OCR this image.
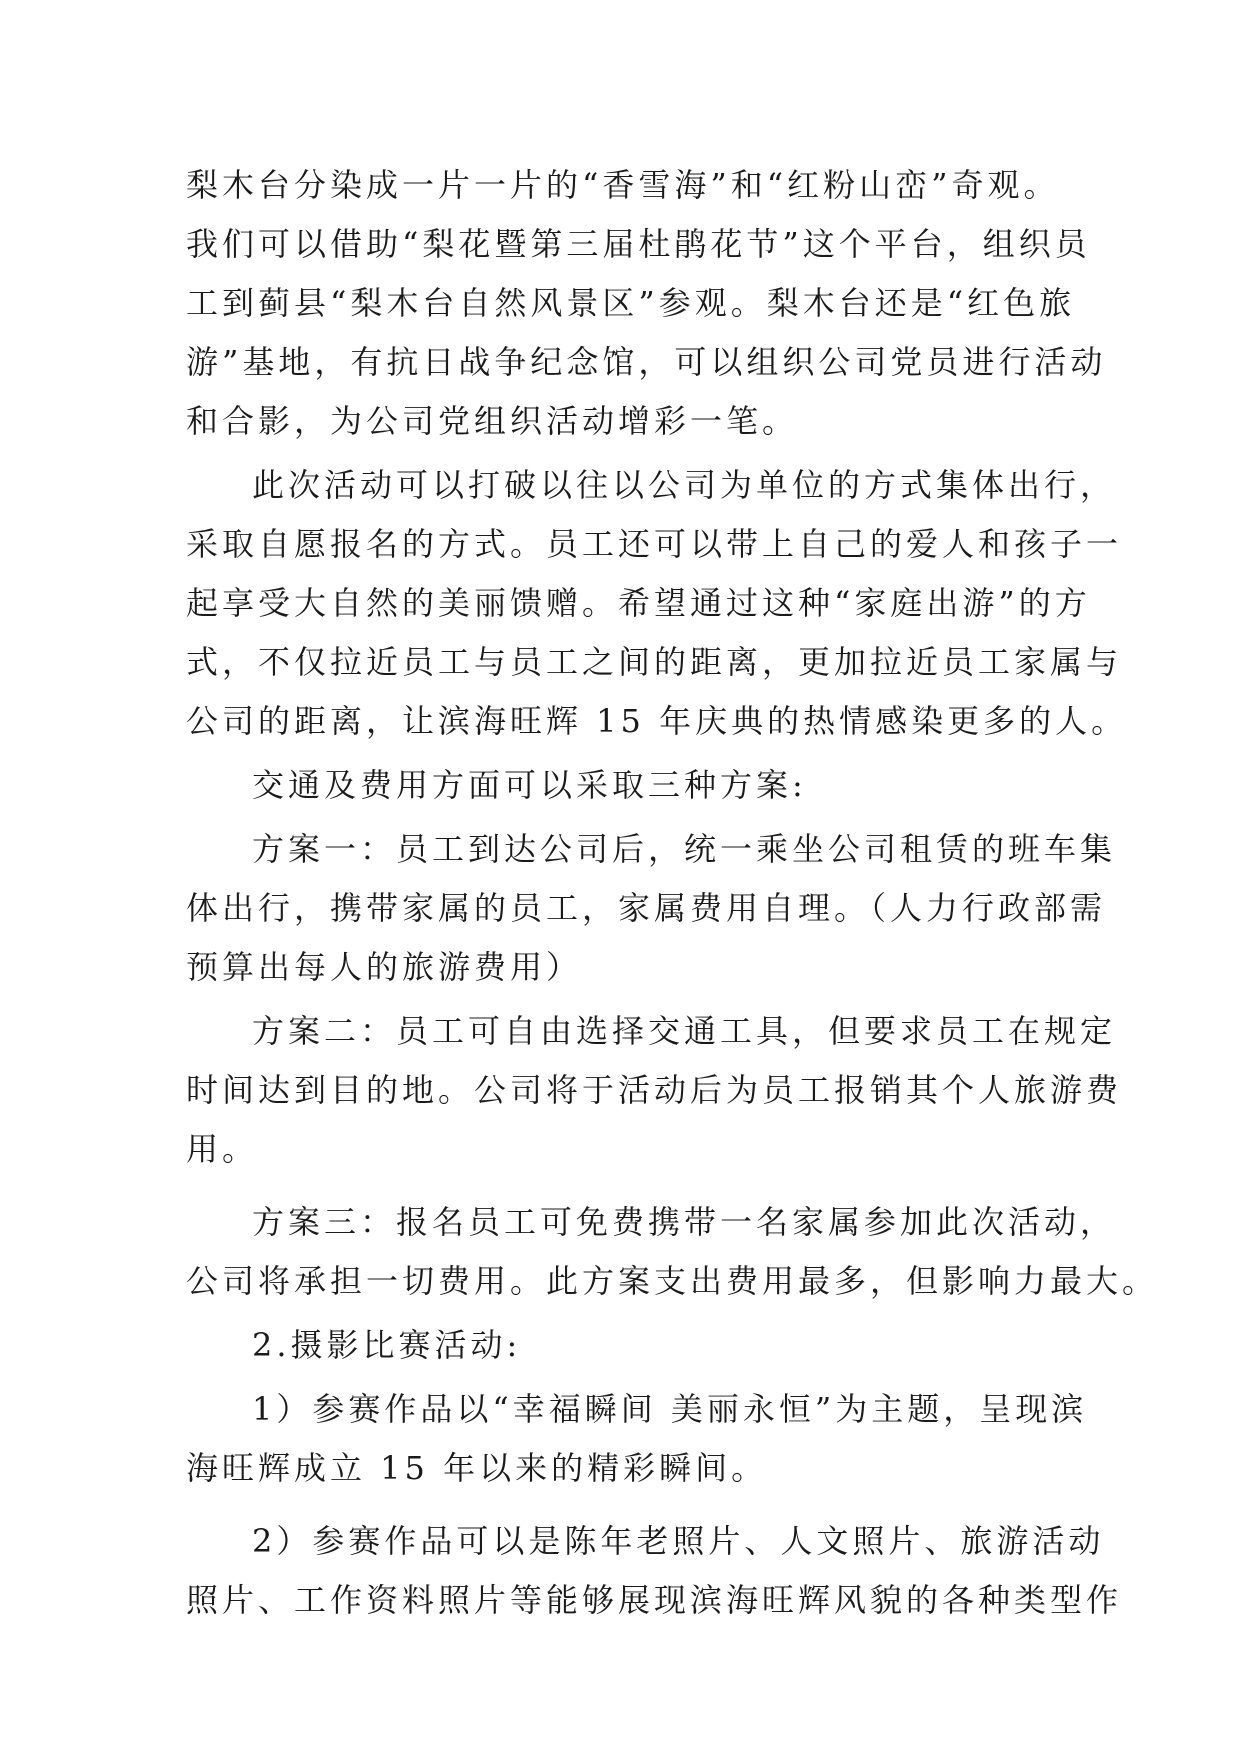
梨木台分染成一片一片的“香雪海”和“红粉山峦”奇观。
我们可以借助“梨花暨第三届杜鹃花节”这个平台，组织员
工到蓟县“梨木台自然风景区”参观。梨木台还是“红色旅
游”基地，有抗日战争纪念馆，可以组织公司党员进行活动
和合影，为公司党组织活动增彩一笔。
此次活动可以打破以往以公司为单位的方式集体出行，
采取自愿报名的方式。员工还可以带上自己的爱人和孩子一
起享受大自然的美丽馈赠。希望通过这种“家庭出游”的方
式，不仅拉近员工与员工之间的距离，更加拉近员工家属与
公司的距离，让滨海旺辉 15 年庆典的热情感染更多的人。
交通及费用方面可以采取三种方案:
方案一：员工到达公司后，统一乘坐公司租赁的班车集
体出行，携带家属的员工，家属费用自理。（人力行政部需
预算出每人的旅游费用）
方案二：员工可自由选择交通工具，但要求员工在规定
时间达到目的地。公司将于活动后为员工报销其个人旅游费
用。
方案三：报名员工可免费携带一名家属参加此次活动，
公司将承担一切费用。此方案支出费用最多，但影响力最大。
2.摄影比赛活动:
1）参赛作品以“幸福瞬间 美丽永恒”为主题，呈现滨
海旺辉成立 15 年以来的精彩瞬间。
2）参赛作品可以是陈年老照片、人文照片、旅游活动
照片、工作资料照片等能够展现滨海旺辉风貌的各种类型作
